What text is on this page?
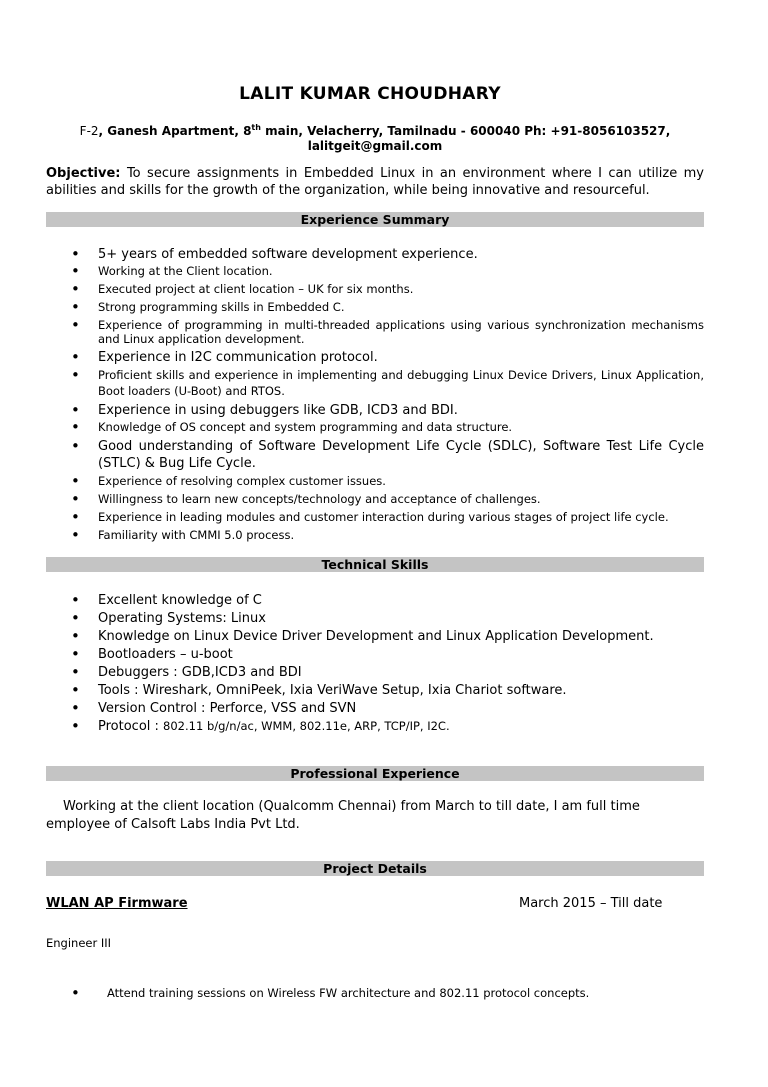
LALIT KUMAR CHOUDHARY
F-2, Ganesh Apartment, 8th main, Velacherry, Tamilnadu - 600040 Ph: +91-8056103527,
lalitgeit@gmail.com
Objective: To secure assignments in Embedded Linux in an environment where I can utilize my abilities and skills for the growth of the organization, while being innovative and resourceful.
Experience Summary
• 5+ years of embedded software development experience.
• Working at the Client location.
• Executed project at client location – UK for six months.
• Strong programming skills in Embedded C.
• Experience of programming in multi-threaded applications using various synchronization mechanisms and Linux application development.
• Experience in I2C communication protocol.
• Proficient skills and experience in implementing and debugging Linux Device Drivers, Linux Application, Boot loaders (U-Boot) and RTOS.
• Experience in using debuggers like GDB, ICD3 and BDI.
• Knowledge of OS concept and system programming and data structure.
• Good understanding of Software Development Life Cycle (SDLC), Software Test Life Cycle (STLC) & Bug Life Cycle.
• Experience of resolving complex customer issues.
• Willingness to learn new concepts/technology and acceptance of challenges.
• Experience in leading modules and customer interaction during various stages of project life cycle.
• Familiarity with CMMI 5.0 process.
Technical Skills
• Excellent knowledge of C
• Operating Systems: Linux
• Knowledge on Linux Device Driver Development and Linux Application Development.
• Bootloaders – u-boot
• Debuggers : GDB,ICD3 and BDI
• Tools : Wireshark, OmniPeek, Ixia VeriWave Setup, Ixia Chariot software.
• Version Control : Perforce, VSS and SVN
• Protocol : 802.11 b/g/n/ac, WMM, 802.11e, ARP, TCP/IP, I2C.
Professional Experience
Working at the client location (Qualcomm Chennai) from March to till date, I am full time employee of Calsoft Labs India Pvt Ltd.
Project Details
WLAN AP Firmware	March 2015 – Till date
Engineer III
• Attend training sessions on Wireless FW architecture and 802.11 protocol concepts.
